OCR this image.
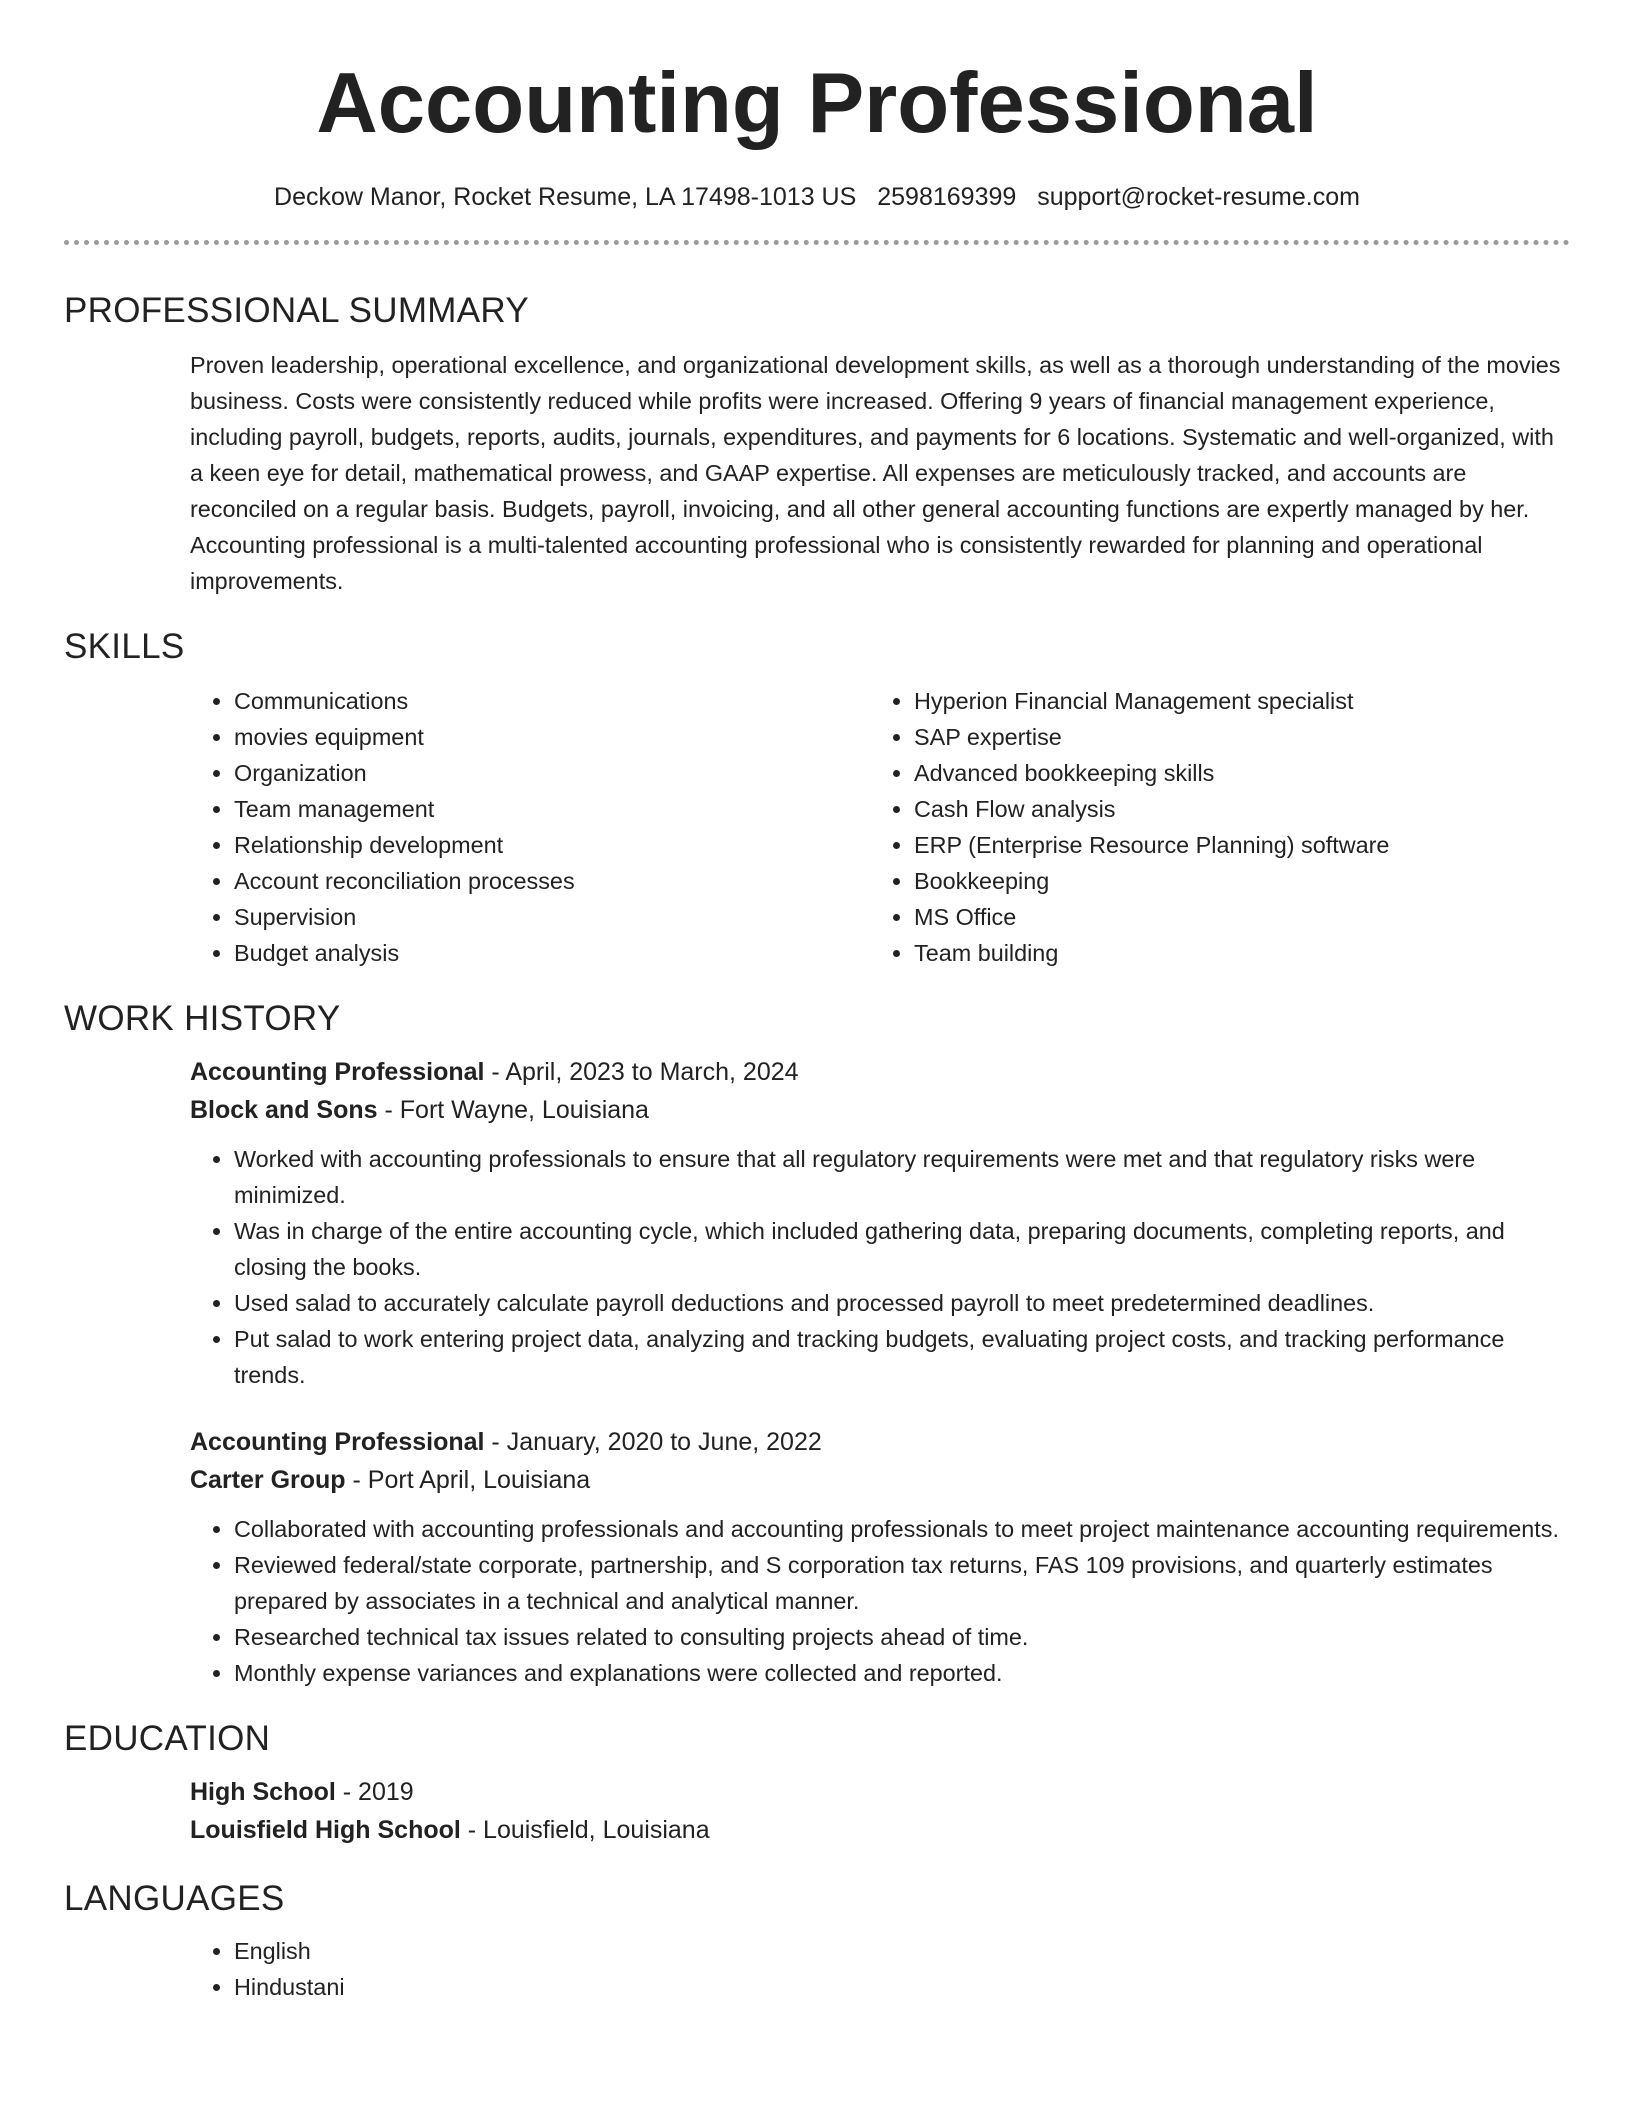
Accounting Professional
Deckow Manor, Rocket Resume, LA 17498-1013 US 2598169399 support@rocket-resume.com
PROFESSIONAL SUMMARY

Proven leadership, operational excellence, and organizational development skills, as well as a thorough understanding of the movies business. Costs were consistently reduced while profits were increased. Offering 9 years of financial management experience, including payroll, budgets, reports, audits, journals, expenditures, and payments for 6 locations. Systematic and well-organized, with a keen eye for detail, mathematical prowess, and GAAP expertise. All expenses are meticulously tracked, and accounts are reconciled on a regular basis. Budgets, payroll, invoicing, and all other general accounting functions are expertly managed by her. Accounting professional is a multi-talented accounting professional who is consistently rewarded for planning and operational improvements.

SKILLS
• Communications
• movies equipment
• Organization
• Team management
• Relationship development
• Account reconciliation processes
• Supervision
• Budget analysis
• Hyperion Financial Management specialist
• SAP expertise
• Advanced bookkeeping skills
• Cash Flow analysis
• ERP (Enterprise Resource Planning) software
• Bookkeeping
• MS Office
• Team building
WORK HISTORY
Accounting Professional - April, 2023 to March, 2024
Block and Sons - Fort Wayne, Louisiana
• Worked with accounting professionals to ensure that all regulatory requirements were met and that regulatory risks were minimized.
• Was in charge of the entire accounting cycle, which included gathering data, preparing documents, completing reports, and closing the books.
• Used salad to accurately calculate payroll deductions and processed payroll to meet predetermined deadlines.
• Put salad to work entering project data, analyzing and tracking budgets, evaluating project costs, and tracking performance trends.
Accounting Professional - January, 2020 to June, 2022
Carter Group - Port April, Louisiana
• Collaborated with accounting professionals and accounting professionals to meet project maintenance accounting requirements.
• Reviewed federal/state corporate, partnership, and S corporation tax returns, FAS 109 provisions, and quarterly estimates prepared by associates in a technical and analytical manner.
• Researched technical tax issues related to consulting projects ahead of time.
• Monthly expense variances and explanations were collected and reported.
EDUCATION
High School - 2019
Louisfield High School - Louisfield, Louisiana
LANGUAGES
• English
• Hindustani
